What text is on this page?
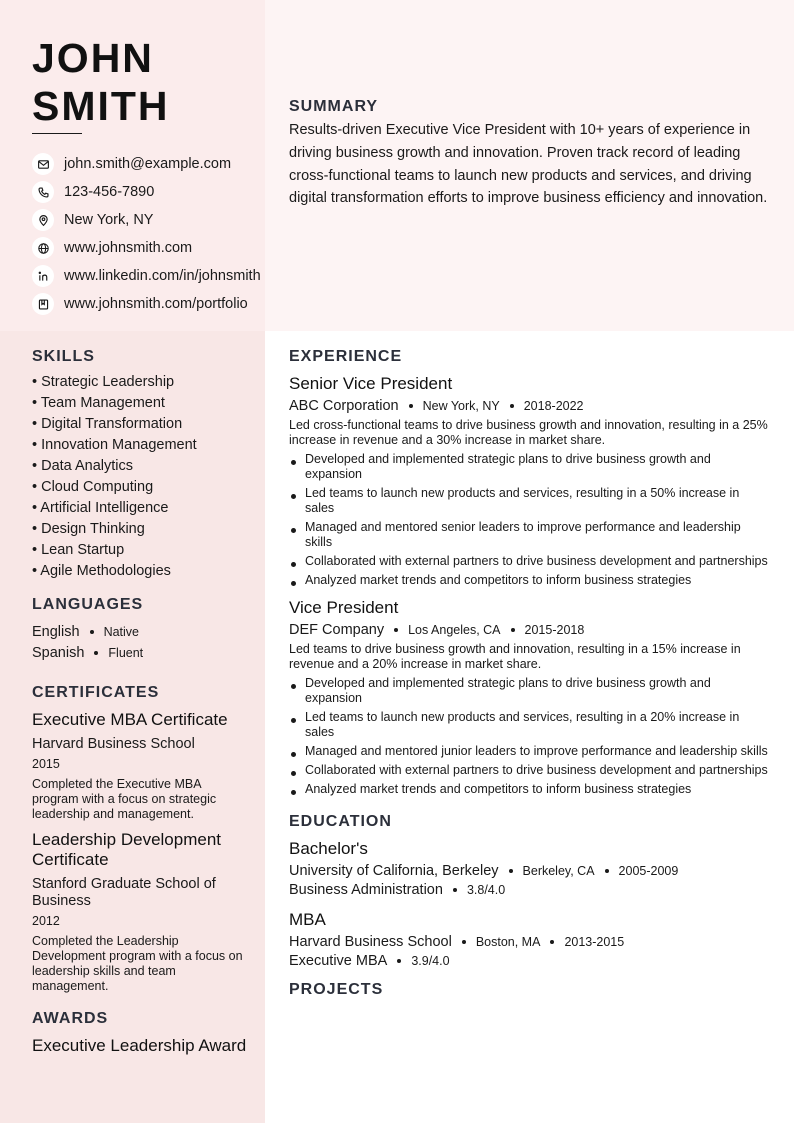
JOHN
SMITH
john.smith@example.com
123-456-7890
New York, NY
www.johnsmith.com
www.linkedin.com/in/johnsmith
www.johnsmith.com/portfolio
SUMMARY
Results-driven Executive Vice President with 10+ years of experience in driving business growth and innovation. Proven track record of leading cross-functional teams to launch new products and services, and driving digital transformation efforts to improve business efficiency and innovation.
SKILLS
• Strategic Leadership
• Team Management
• Digital Transformation
• Innovation Management
• Data Analytics
• Cloud Computing
• Artificial Intelligence
• Design Thinking
• Lean Startup
• Agile Methodologies
LANGUAGES
English Native
Spanish Fluent
CERTIFICATES
Executive MBA Certificate
Harvard Business School
2015
Completed the Executive MBA program with a focus on strategic leadership and management.
Leadership Development Certificate
Stanford Graduate School of Business
2012
Completed the Leadership Development program with a focus on leadership skills and team management.
AWARDS
Executive Leadership Award
EXPERIENCE
Senior Vice President
ABC Corporation New York, NY 2018-2022
Led cross-functional teams to drive business growth and innovation, resulting in a 25% increase in revenue and a 30% increase in market share.
Developed and implemented strategic plans to drive business growth and expansion
Led teams to launch new products and services, resulting in a 50% increase in sales
Managed and mentored senior leaders to improve performance and leadership skills
Collaborated with external partners to drive business development and partnerships
Analyzed market trends and competitors to inform business strategies
Vice President
DEF Company Los Angeles, CA 2015-2018
Led teams to drive business growth and innovation, resulting in a 15% increase in revenue and a 20% increase in market share.
Developed and implemented strategic plans to drive business growth and expansion
Led teams to launch new products and services, resulting in a 20% increase in sales
Managed and mentored junior leaders to improve performance and leadership skills
Collaborated with external partners to drive business development and partnerships
Analyzed market trends and competitors to inform business strategies
EDUCATION
Bachelor's
University of California, Berkeley Berkeley, CA 2005-2009
Business Administration 3.8/4.0
MBA
Harvard Business School Boston, MA 2013-2015
Executive MBA 3.9/4.0
PROJECTS
